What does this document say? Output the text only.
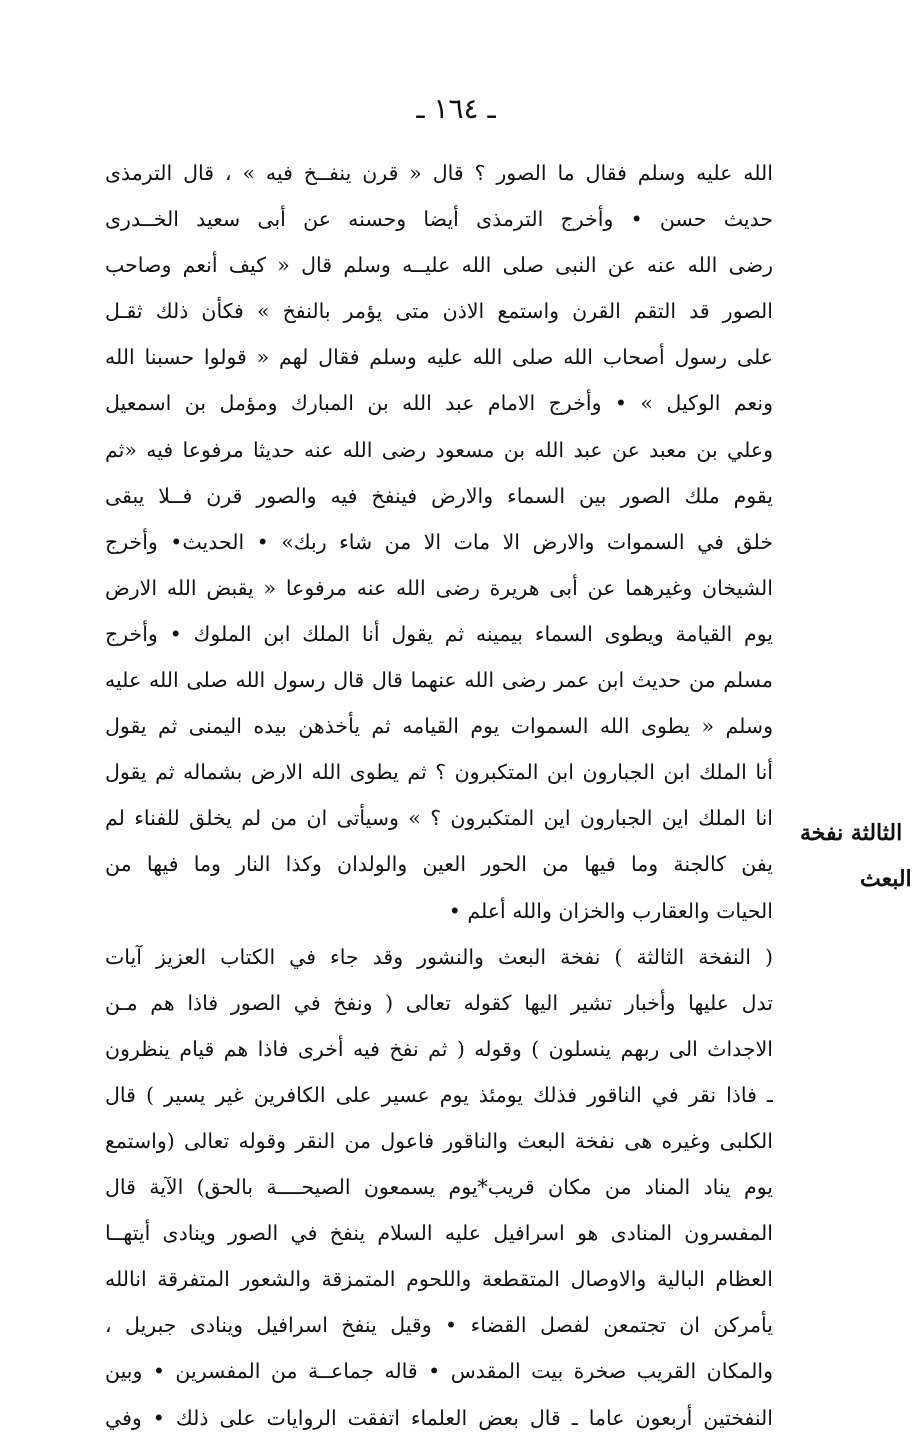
ـ ١٦٤ ـ
الثالثة نفخة
البعث
الله عليه وسلم فقال ما الصور ؟ قال « قرن ينفــخ فيه » ، قال الترمذى
حديث حسن • وأخرج الترمذى أيضا وحسنه عن أبى سعيد الخــدرى
رضى الله عنه عن النبى صلى الله عليــه وسلم قال « كيف أنعم وصاحب
الصور قد التقم القرن واستمع الاذن متى يؤمر بالنفخ » فكأن ذلك ثقـل
على رسول أصحاب الله صلى الله عليه وسلم فقال لهم « قولوا حسبنا الله
ونعم الوكيل » • وأخرج الامام عبد الله بن المبارك ومؤمل بن اسمعيل
وعلي بن معبد عن عبد الله بن مسعود رضى الله عنه حديثا مرفوعا فيه «ثم
يقوم ملك الصور بين السماء والارض فينفخ فيه والصور قرن فــلا يبقى
خلق في السموات والارض الا مات الا من شاء ربك» • الحديث• وأخرج
الشيخان وغيرهما عن أبى هريرة رضى الله عنه مرفوعا « يقبض الله الارض
يوم القيامة ويطوى السماء بيمينه ثم يقول أنا الملك ابن الملوك • وأخرج
مسلم من حديث ابن عمر رضى الله عنهما قال قال رسول الله صلى الله عليه
وسلم « يطوى الله السموات يوم القيامه ثم يأخذهن بيده اليمنى ثم يقول
أنا الملك ابن الجبارون ابن المتكبرون ؟ ثم يطوى الله الارض بشماله ثم يقول
انا الملك اين الجبارون اين المتكبرون ؟ » وسيأتى ان من لم يخلق للفناء لم
يفن كالجنة وما فيها من الحور العين والولدان وكذا النار وما فيها من
الحيات والعقارب والخزان والله أعلم •
( النفخة الثالثة ) نفخة البعث والنشور وقد جاء في الكتاب العزيز آيات
تدل عليها وأخبار تشير اليها كقوله تعالى ( ونفخ في الصور فاذا هم مـن
الاجداث الى ربهم ينسلون ) وقوله ( ثم نفخ فيه أخرى فاذا هم قيام ينظرون
ـ فاذا نقر في الناقور فذلك يومئذ يوم عسير على الكافرين غير يسير ) قال
الكلبى وغيره هى نفخة البعث والناقور فاعول من النقر وقوله تعالى (واستمع
يوم يناد المناد من مكان قريب*يوم يسمعون الصيحــــة بالحق) الآية قال
المفسرون المنادى هو اسرافيل عليه السلام ينفخ في الصور وينادى أيتهــا
العظام البالية والاوصال المتقطعة واللحوم المتمزقة والشعور المتفرقة انالله
يأمركن ان تجتمعن لفصل القضاء • وقيل ينفخ اسرافيل وينادى جبريل ،
والمكان القريب صخرة بيت المقدس • قاله جماعــة من المفسرين • وبين
النفختين أربعون عاما ـ قال بعض العلماء اتفقت الروايات على ذلك • وفي
